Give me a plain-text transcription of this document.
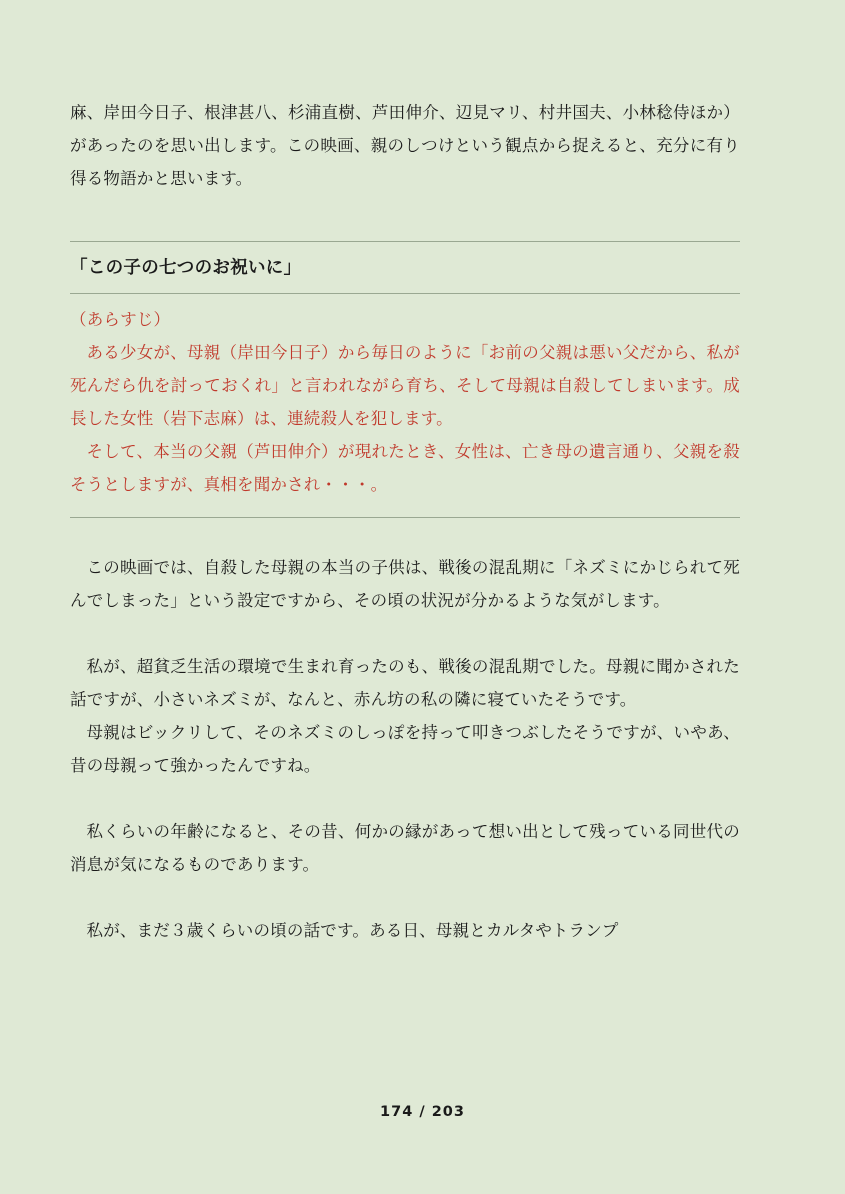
麻、岸田今日子、根津甚八、杉浦直樹、芦田伸介、辺見マリ、村井国夫、小林稔侍ほか）があったのを思い出します。この映画、親のしつけという観点から捉えると、充分に有り得る物語かと思います。

「この子の七つのお祝いに」

（あらすじ）

ある少女が、母親（岸田今日子）から毎日のように「お前の父親は悪い父だから、私が死んだら仇を討っておくれ」と言われながら育ち、そして母親は自殺してしまいます。成長した女性（岩下志麻）は、連続殺人を犯します。

そして、本当の父親（芦田伸介）が現れたとき、女性は、亡き母の遺言通り、父親を殺そうとしますが、真相を聞かされ・・・。

この映画では、自殺した母親の本当の子供は、戦後の混乱期に「ネズミにかじられて死んでしまった」という設定ですから、その頃の状況が分かるような気がします。

私が、超貧乏生活の環境で生まれ育ったのも、戦後の混乱期でした。母親に聞かされた話ですが、小さいネズミが、なんと、赤ん坊の私の隣に寝ていたそうです。

母親はビックリして、そのネズミのしっぽを持って叩きつぶしたそうですが、いやあ、昔の母親って強かったんですね。

私くらいの年齢になると、その昔、何かの縁があって想い出として残っている同世代の消息が気になるものであります。

私が、まだ３歳くらいの頃の話です。ある日、母親とカルタやトランプ

174 / 203
